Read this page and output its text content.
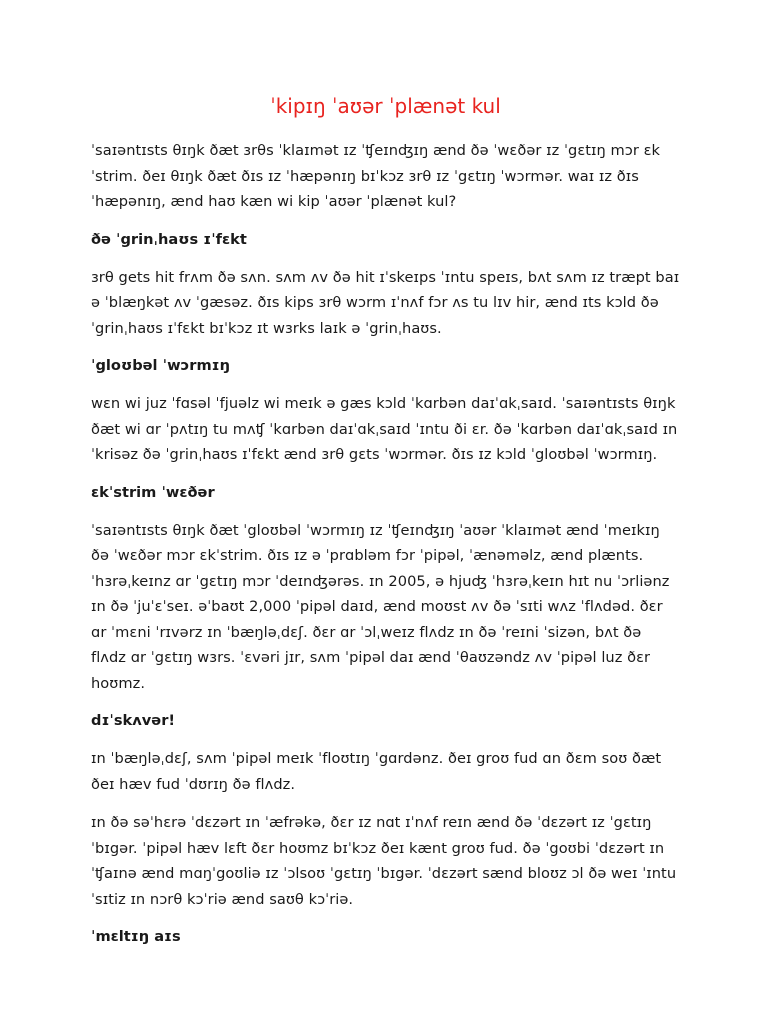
ˈkipɪŋ ˈaʊər ˈplænət kul

ˈsaɪəntɪsts θɪŋk ðæt ɜrθs ˈklaɪmət ɪz ˈʧeɪnʤɪŋ ænd ðə ˈwɛðər ɪz ˈgɛtɪŋ mɔr ɛkˈstrim. ðeɪ θɪŋk ðæt ðɪs ɪz ˈhæpənɪŋ bɪˈkɔz ɜrθ ɪz ˈgɛtɪŋ ˈwɔrmər. waɪ ɪz ðɪs ˈhæpənɪŋ, ænd haʊ kæn wi kip ˈaʊər ˈplænət kul?

ðə ˈgrinˌhaʊs ɪˈfɛkt

ɜrθ gets hit frʌm ðə sʌn. sʌm ʌv ðə hit ɪˈskeɪps ˈɪntu speɪs, bʌt sʌm ɪz træpt baɪ ə ˈblæŋkət ʌv ˈgæsəz. ðɪs kips ɜrθ wɔrm ɪˈnʌf fɔr ʌs tu lɪv hir, ænd ɪts kɔld ðə ˈgrinˌhaʊs ɪˈfɛkt bɪˈkɔz ɪt wɜrks laɪk ə ˈgrinˌhaʊs.

ˈgloʊbəl ˈwɔrmɪŋ

wɛn wi juz ˈfɑsəl ˈfjuəlz wi meɪk ə gæs kɔld ˈkɑrbən daɪˈɑkˌsaɪd. ˈsaɪəntɪsts θɪŋk ðæt wi ɑr ˈpʌtɪŋ tu mʌʧ ˈkɑrbən daɪˈɑkˌsaɪd ˈɪntu ði ɛr. ðə ˈkɑrbən daɪˈɑkˌsaɪd ɪnˈkrisəz ðə ˈgrinˌhaʊs ɪˈfɛkt ænd ɜrθ gɛts ˈwɔrmər. ðɪs ɪz kɔld ˈgloʊbəl ˈwɔrmɪŋ.

ɛkˈstrim ˈwɛðər

ˈsaɪəntɪsts θɪŋk ðæt ˈgloʊbəl ˈwɔrmɪŋ ɪz ˈʧeɪnʤɪŋ ˈaʊər ˈklaɪmət ænd ˈmeɪkɪŋ ðə ˈwɛðər mɔr ɛkˈstrim. ðɪs ɪz ə ˈprɑbləm fɔr ˈpipəl, ˈænəməlz, ænd plænts. ˈhɜrəˌkeɪnz ɑr ˈgɛtɪŋ mɔr ˈdeɪnʤərəs. ɪn 2005, ə hjuʤ ˈhɜrəˌkeɪn hɪt nu ˈɔrliənz ɪn ðə ˈjuˈɛˈseɪ. əˈbaʊt 2,000 ˈpipəl daɪd, ænd moʊst ʌv ðə ˈsɪti wʌz ˈflʌdəd. ðɛr ɑr ˈmɛni ˈrɪvərz ɪn ˈbæŋləˌdɛʃ. ðɛr ɑr ˈɔlˌweɪz flʌdz ɪn ðə ˈreɪni ˈsizən, bʌt ðə flʌdz ɑr ˈgɛtɪŋ wɜrs. ˈɛvəri jɪr, sʌm ˈpipəl daɪ ænd ˈθaʊzəndz ʌv ˈpipəl luz ðɛr hoʊmz.

dɪˈskʌvər!

ɪn ˈbæŋləˌdɛʃ, sʌm ˈpipəl meɪk ˈfloʊtɪŋ ˈgɑrdənz. ðeɪ groʊ fud ɑn ðɛm soʊ ðæt ðeɪ hæv fud ˈdʊrɪŋ ðə flʌdz.

ɪn ðə səˈhɛrə ˈdɛzərt ɪn ˈæfrəkə, ðɛr ɪz nɑt ɪˈnʌf reɪn ænd ðə ˈdɛzərt ɪz ˈgɛtɪŋ ˈbɪgər. ˈpipəl hæv lɛft ðɛr hoʊmz bɪˈkɔz ðeɪ kænt groʊ fud. ðə ˈgoʊbi ˈdɛzərt ɪn ˈʧaɪnə ænd mɑŋˈgoʊliə ɪz ˈɔlsoʊ ˈgɛtɪŋ ˈbɪgər. ˈdɛzərt sænd bloʊz ɔl ðə weɪ ˈɪntu ˈsɪtiz ɪn nɔrθ kɔˈriə ænd saʊθ kɔˈriə.

ˈmɛltɪŋ aɪs
